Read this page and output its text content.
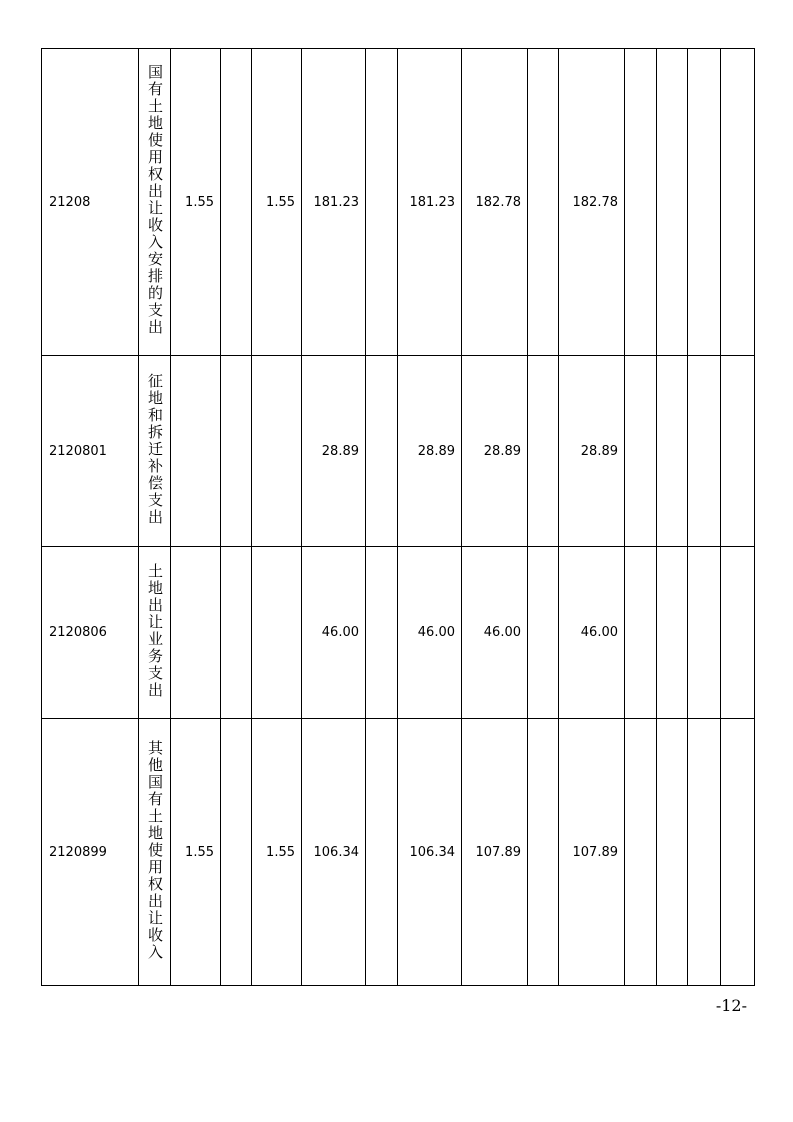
21208	国有土地使用权出让收入安排的支出	1.55		1.55	181.23		181.23	182.78		182.78				
2120801	征地和拆迁补偿支出				28.89		28.89	28.89		28.89				
2120806	土地出让业务支出				46.00		46.00	46.00		46.00				
2120899	其他国有土地使用权出让收入	1.55		1.55	106.34		106.34	107.89		107.89				
-12-
